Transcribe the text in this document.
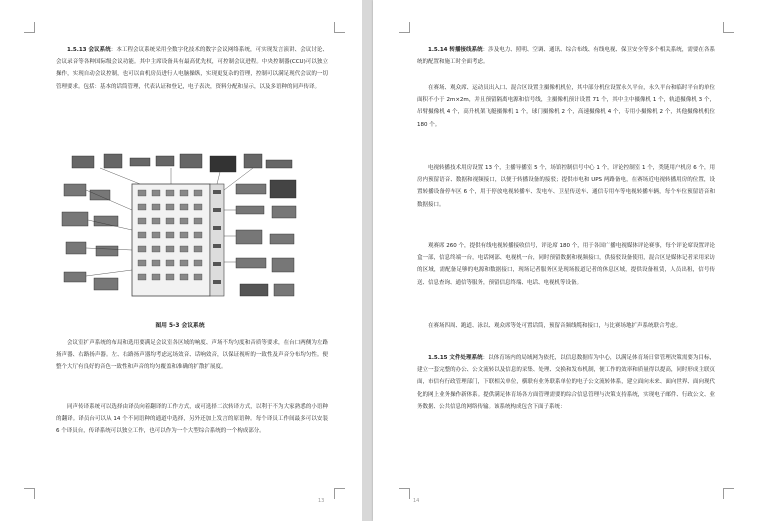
1.5.13 会议系统：本工程会议系统采用全数字化技术的数字会议网络系统，可实现发言演讲、会议讨论、会议录音等各种国际级会议功能。其中主席设备具有最高优先权，可控制会议进程。中央控制器(CCU)可以独立操作，实现自动会议控制，也可以由机房员进行人电脑操纵，实现更复杂的管理，控制可以满足现代会议的一切管理要求。包括：基本的话筒管理，代表认证和登记，电子表决，资料分配和显示，以及多语种的同声传译。

图用 5-3 会议系统

会议室扩声系统的布局和选用要满足会议室各区域的响度、声场不均匀度和音质等要求，在台口两侧为左路扬声器、右路扬声器。左、右路扬声器均考虑远场效音、话响效音，以保证视听的一致性及声音分布均匀性。便整个大厅有良好的音色一致性和声音的均匀覆盖和准确的扩散扩展度。

同声传译系统可以选择由译员向着翻译的工作方式，或可选择二次转译方式，以利于不为大家熟悉的小语种的翻译。译员台可以从 14 个不同语种的通道中选择，另外还加上发言的原语种。每个译员工作间最多可以安装 6 个译员台，传译系统可以独立工作，也可以作为一个大型综合系统的一个构成部分。

13

1.5.14 转播接线系统：涉及电力、照明、空调、通讯、综合布线、有线电视、保卫安全等多个相关系统，需要在各系统的配置和施工时全面考虑。

在赛场、观众席、运动员出入口、混合区设置主摄像机机位，其中部分机位设置永久平台，永久平台和临时平台的单位面积不小于 2m×2m，并且预留隔离电源和信号线，主摄像机预计设置 71 个，其中主中摄像机 1 个，轨道摄像机 3 个，吊臂摄像机 4 个，高升机架飞艇摄像机 1 个，球门摄像机 2 个，高速摄像机 4 个，专用小摄像机 2 个，其他摄像机机位 180 个。

电视转播技术用房设置 13 个，主播导播室 5 个，场馆控制信号中心 1 个，评论控制室 1 个，类链用户机房 6 个，用房内预留语音、数据和视频接口，以便于转播设备的接驳；提供市电和 UPS 两路备电，在赛场近电视转播用房的位置，设置转播设备停车区 6 个，用于停放电视转播车、发电车、卫星传送车、通信专用车等电视转播车辆，每个车位预留语音和数据接口。

观赛席 260 个，提供有线电视转播接收信号，评论席 180 个，用于各国广播电视媒体评论赛事，每个评论席设置评论盒一部，信息终端一台，电话网部、电视机一台，同时预留数据和视频接口，供接驳设备使用，混合区是媒体记者采用采访的区域，需配备足够的电源和数据接口，现场记者服务区是现场报道记者的休息区域，提供设备租赁，人员出租，信号传送、信息查询、通信等服务，预留信息终端、电话、电视机等设备。

在赛场四周、跑道、泳以、观众席等处可置话筒，预留音频线缆和接口，与比赛场地扩声系统联合考虑。

1.5.15 文件处理系统：以体育场内的局域网为依托，以信息数据库为中心，以满足体育场日常管理决策需要为目标，建立一套完整的办公、公文流转以及信息的采集、处理、交换和发布机制，便工作的效率和质量得以提高，同时形成主联页面，市信有行政管理部门，下联相关单位，横联有业务联系单位的电子公文流转体系，建立面向未来、面向世界、面向现代化的网上业务操作新体系。提供满足体育场各方面管理需要的综合信息管理与决策支持系统，实现电子邮件、行政公文、业务数据、公共信息的网络传输。该系统构成包含下面子系统：

14
